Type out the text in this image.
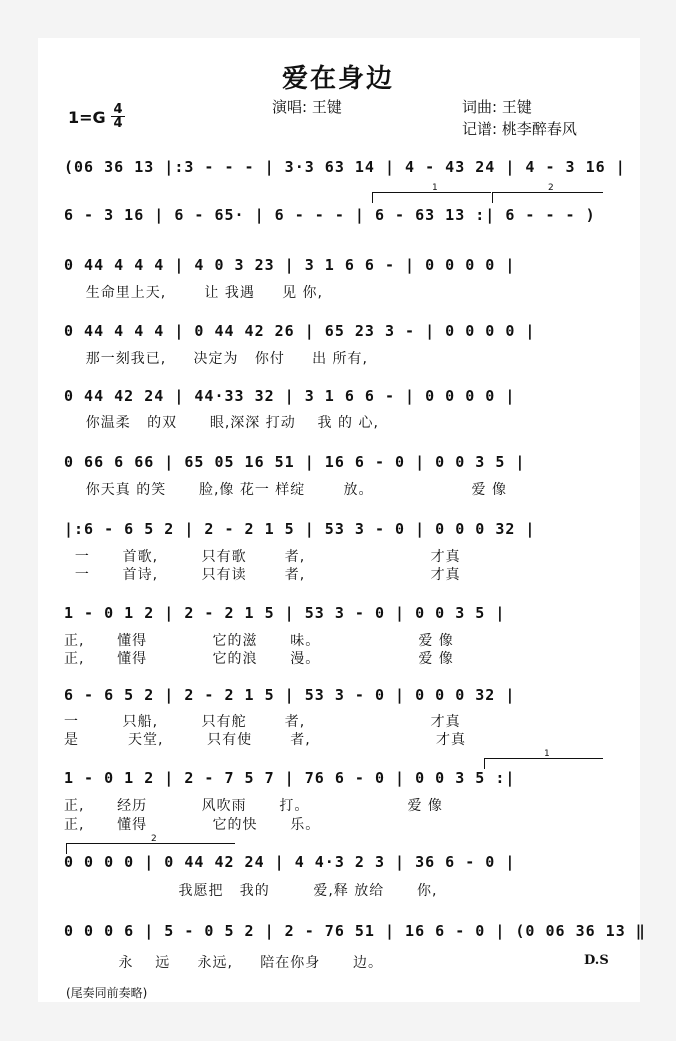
爱在身边
演唱: 王键	词曲: 王键
记谱: 桃李醉春风
1=G 4
4
(06 36 13 |:3 - - - | 3·3 63 14 | 4 - 43 24 | 4 - 3 16 |
1	2
6 - 3 16 | 6 - 65· | 6 - - - | 6 - 63 13 :| 6 - - - )
0 44 4 4 4 | 4 0 3 23 | 3 1 6 6 - | 0 0 0 0 |
生命里上天,       让 我遇     见 你,
0 44 4 4 4 | 0 44 42 26 | 65 23 3 - | 0 0 0 0 |
那一刻我已,     决定为   你付     出 所有,
0 44 42 24 | 44·33 32 | 3 1 6 6 - | 0 0 0 0 |
你温柔   的双      眼,深深 打动    我 的 心,
0 66 6 66 | 65 05 16 51 | 16 6 - 0 | 0 0 3 5 |
你天真 的笑      脸,像 花一 样绽       放。                  爱 像
|:6 - 6 5 2 | 2 - 2 1 5 | 53 3 - 0 | 0 0 0 32 |
一      首歌,        只有歌       者,                       才真
一      首诗,        只有读       者,                       才真
1 - 0 1 2 | 2 - 2 1 5 | 53 3 - 0 | 0 0 3 5 |
正,      懂得            它的滋      味。                  爱 像
正,      懂得            它的浪      漫。                  爱 像
6 - 6 5 2 | 2 - 2 1 5 | 53 3 - 0 | 0 0 0 32 |
一        只船,        只有舵       者,                       才真
是         天堂,        只有使       者,                       才真
1
1 - 0 1 2 | 2 - 7 5 7 | 76 6 - 0 | 0 0 3 5 :|
正,      经历          风吹雨      打。                  爱 像
正,      懂得            它的快      乐。
2
0 0 0 0 | 0 44 42 24 | 4 4·3 2 3 | 36 6 - 0 |
我愿把   我的        爱,释 放给      你,
0 0 0 6 | 5 - 0 5 2 | 2 - 76 51 | 16 6 - 0 | (0 06 36 13 ‖
永    远     永远,     陪在你身      边。	D.S
(尾奏同前奏略)
